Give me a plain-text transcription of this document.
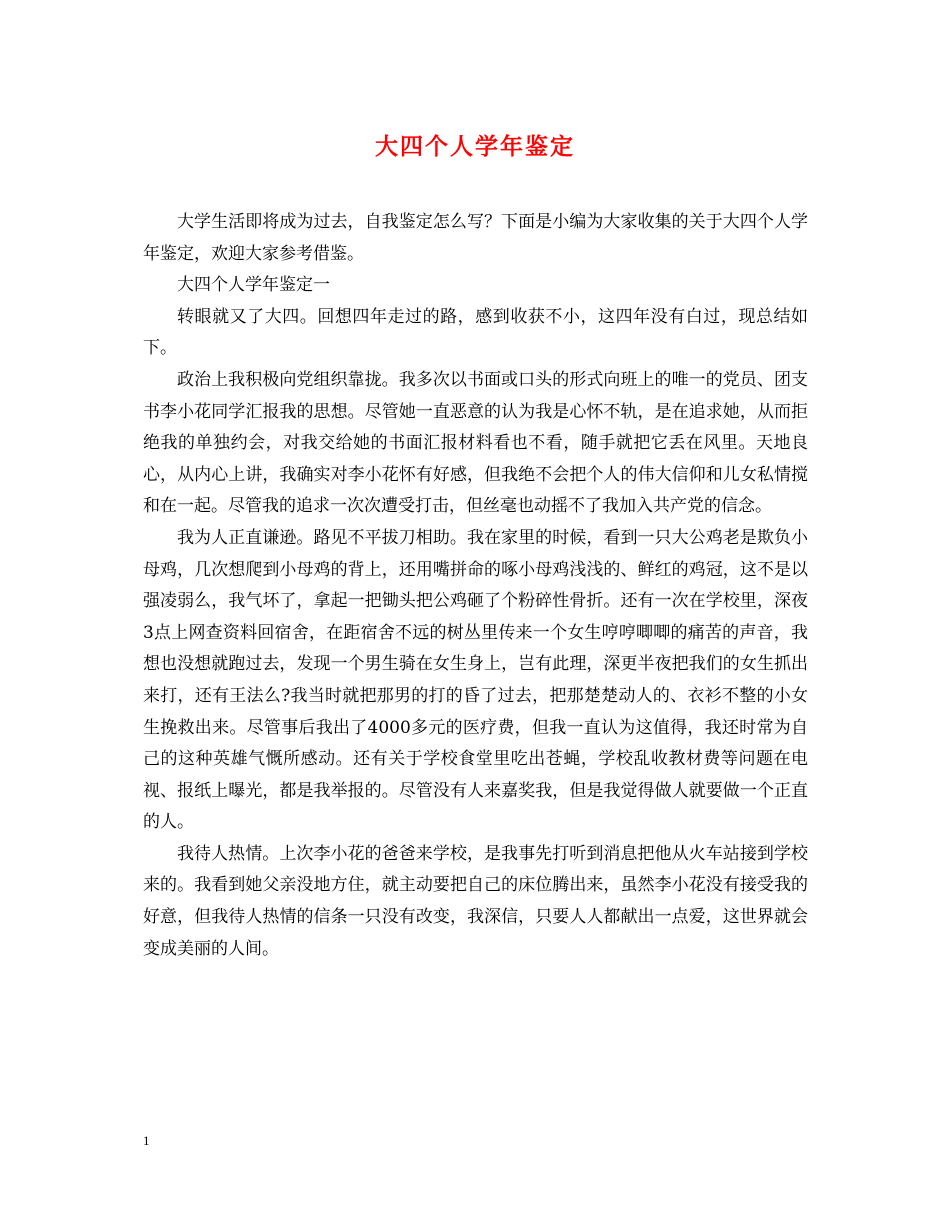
大四个人学年鉴定

大学生活即将成为过去，自我鉴定怎么写？下面是小编为大家收集的关于大四个人学年鉴定，欢迎大家参考借鉴。

大四个人学年鉴定一

转眼就又了大四。回想四年走过的路，感到收获不小，这四年没有白过，现总结如下。

政治上我积极向党组织靠拢。我多次以书面或口头的形式向班上的唯一的党员、团支书李小花同学汇报我的思想。尽管她一直恶意的认为我是心怀不轨，是在追求她，从而拒绝我的单独约会，对我交给她的书面汇报材料看也不看，随手就把它丢在风里。天地良心，从内心上讲，我确实对李小花怀有好感，但我绝不会把个人的伟大信仰和儿女私情搅和在一起。尽管我的追求一次次遭受打击，但丝毫也动摇不了我加入共产党的信念。

我为人正直谦逊。路见不平拔刀相助。我在家里的时候，看到一只大公鸡老是欺负小母鸡，几次想爬到小母鸡的背上，还用嘴拼命的啄小母鸡浅浅的、鲜红的鸡冠，这不是以强凌弱么，我气坏了，拿起一把锄头把公鸡砸了个粉碎性骨折。还有一次在学校里，深夜3点上网查资料回宿舍，在距宿舍不远的树丛里传来一个女生哼哼唧唧的痛苦的声音，我想也没想就跑过去，发现一个男生骑在女生身上，岂有此理，深更半夜把我们的女生抓出来打，还有王法么?我当时就把那男的打的昏了过去，把那楚楚动人的、衣衫不整的小女生挽救出来。尽管事后我出了4000多元的医疗费，但我一直认为这值得，我还时常为自己的这种英雄气慨所感动。还有关于学校食堂里吃出苍蝇，学校乱收教材费等问题在电视、报纸上曝光，都是我举报的。尽管没有人来嘉奖我，但是我觉得做人就要做一个正直的人。

我待人热情。上次李小花的爸爸来学校，是我事先打听到消息把他从火车站接到学校来的。我看到她父亲没地方住，就主动要把自己的床位腾出来，虽然李小花没有接受我的好意，但我待人热情的信条一只没有改变，我深信，只要人人都献出一点爱，这世界就会变成美丽的人间。

1
